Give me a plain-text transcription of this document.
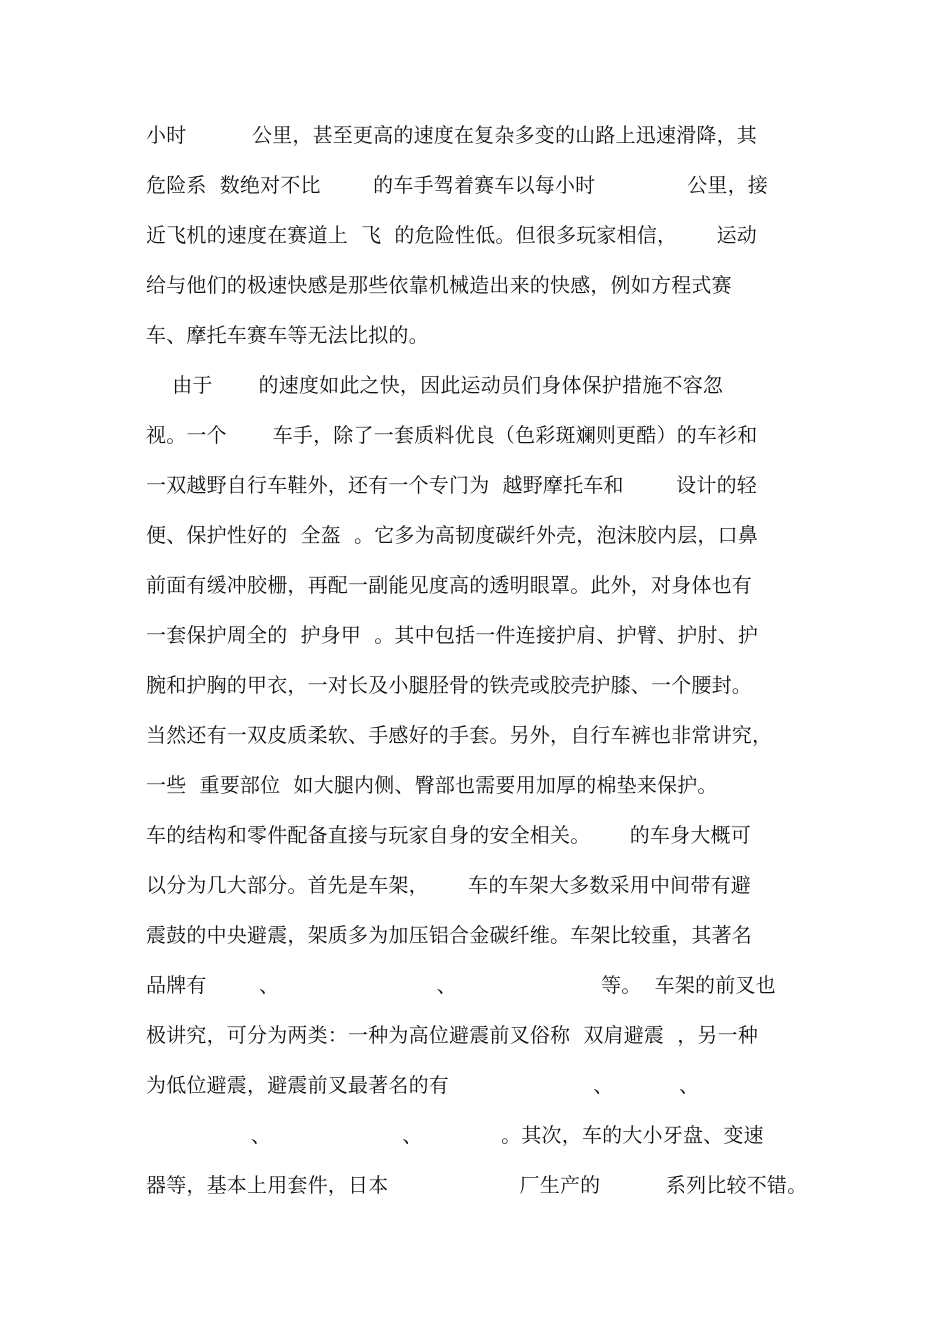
小时          公里，甚至更高的速度在复杂多变的山路上迅速滑降，其
危险系  数绝对不比        的车手驾着赛车以每小时              公里，接
近飞机的速度在赛道上  飞  的危险性低。但很多玩家相信，      运动
给与他们的极速快感是那些依靠机械造出来的快感，例如方程式赛
车、摩托车赛车等无法比拟的。
由于       的速度如此之快，因此运动员们身体保护措施不容忽
视。一个       车手，除了一套质料优良（色彩斑斓则更酷）的车衫和
一双越野自行车鞋外，还有一个专门为  越野摩托车和        设计的轻
便、保护性好的  全盔  。它多为高韧度碳纤外壳，泡沫胶内层，口鼻
前面有缓冲胶栅，再配一副能见度高的透明眼罩。此外，对身体也有
一套保护周全的  护身甲  。其中包括一件连接护肩、护臂、护肘、护
腕和护胸的甲衣，一对长及小腿胫骨的铁壳或胶壳护膝、一个腰封。
当然还有一双皮质柔软、手感好的手套。另外，自行车裤也非常讲究，
一些  重要部位  如大腿内侧、臀部也需要用加厚的棉垫来保护。
车的结构和零件配备直接与玩家自身的安全相关。      的车身大概可
以分为几大部分。首先是车架，      车的车架大多数采用中间带有避
震鼓的中央避震，架质多为加压铝合金碳纤维。车架比较重，其著名
品牌有        、                        、                      等。  车架的前叉也
极讲究，可分为两类：一种为高位避震前叉俗称  双肩避震  ，另一种
为低位避震，避震前叉最著名的有                      、          、
、                    、            。其次，车的大小牙盘、变速
器等，基本上用套件，日本                    厂生产的          系列比较不错。
